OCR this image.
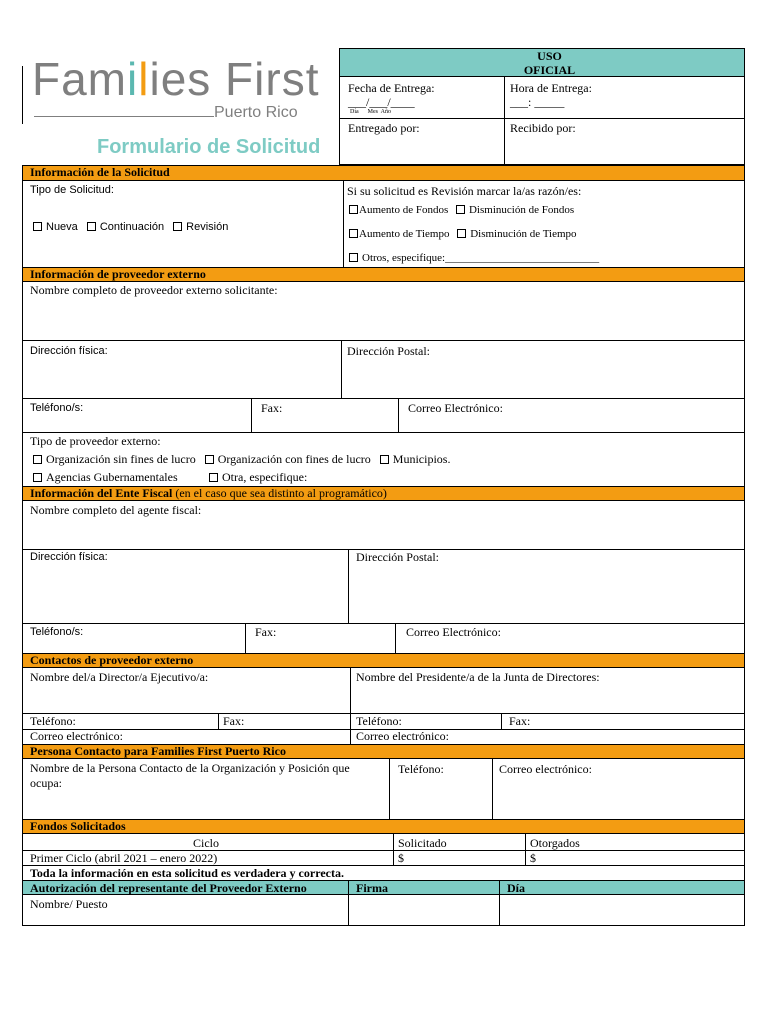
Families First
Puerto Rico
Formulario de Solicitud
USO
OFICIAL
Fecha de Entrega:
___/___/____
Día      Mes  Año
Hora de Entrega:
___: _____
Entregado por:	Recibido por:
Información de la Solicitud
Tipo de Solicitud:
Nueva Continuación Revisión
Si su solicitud es Revisión marcar la/as razón/es:
Aumento de Fondos Disminución de Fondos
Aumento de Tiempo Disminución de Tiempo
Otros, especifique:____________________________
Información de proveedor externo
Nombre completo de proveedor externo solicitante:
Dirección física:	Dirección Postal:
Teléfono/s:	Fax:	Correo Electrónico:
Tipo de proveedor externo:
Organización sin fines de lucro Organización con fines de lucro Municipios.
Agencias Gubernamentales	Otra, especifique:
Información del Ente Fiscal (en el caso que sea distinto al programático)
Nombre completo del agente fiscal:
Dirección física:	Dirección Postal:
Teléfono/s:	Fax:	Correo Electrónico:
Contactos de proveedor externo
Nombre del/a Director/a Ejecutivo/a:	Nombre del Presidente/a de la Junta de Directores:
Teléfono:	Fax:	Teléfono:	Fax:
Correo electrónico:	Correo electrónico:
Persona Contacto para Families First Puerto Rico
Nombre de la Persona Contacto de la Organización y Posición que ocupa:
Teléfono:	Correo electrónico:
Fondos Solicitados
Ciclo	Solicitado	Otorgados
Primer Ciclo (abril 2021 – enero 2022)	$	$
Toda la información en esta solicitud es verdadera y correcta.
Autorización del representante del Proveedor Externo	Firma	Día
Nombre/ Puesto
